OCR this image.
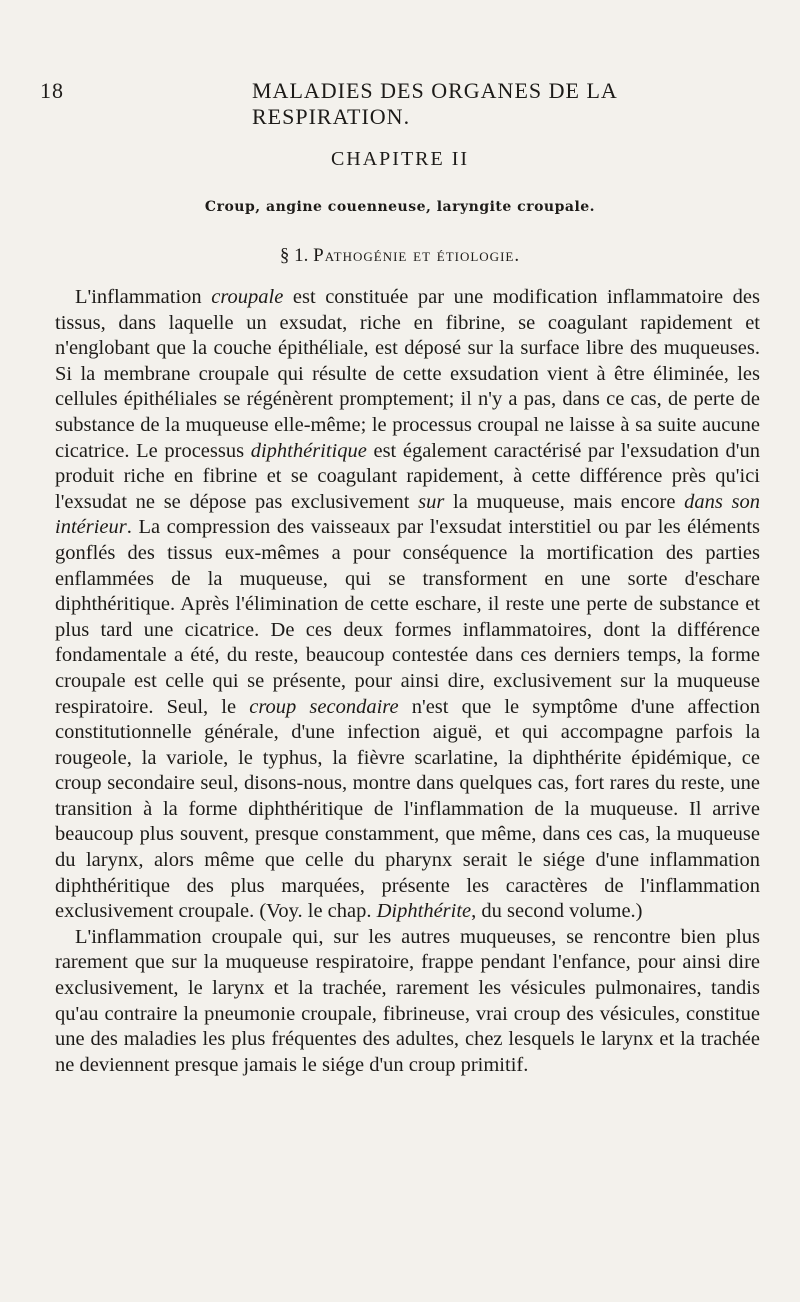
18	MALADIES DES ORGANES DE LA RESPIRATION.
CHAPITRE II
Croup, angine couenneuse, laryngite croupale.
§ 1. Pathogénie et étiologie.

L'inflammation croupale est constituée par une modification inflammatoire des tissus, dans laquelle un exsudat, riche en fibrine, se coagulant rapidement et n'englobant que la couche épithéliale, est déposé sur la surface libre des muqueuses. Si la membrane croupale qui résulte de cette exsudation vient à être éliminée, les cellules épithéliales se régénèrent promptement; il n'y a pas, dans ce cas, de perte de substance de la muqueuse elle-même; le processus croupal ne laisse à sa suite aucune cicatrice. Le processus diphthéritique est également caractérisé par l'exsudation d'un produit riche en fibrine et se coagulant rapidement, à cette différence près qu'ici l'exsudat ne se dépose pas exclusivement sur la muqueuse, mais encore dans son intérieur. La compression des vaisseaux par l'exsudat interstitiel ou par les éléments gonflés des tissus eux-mêmes a pour conséquence la mortification des parties enflammées de la muqueuse, qui se transforment en une sorte d'eschare diphthéritique. Après l'élimination de cette eschare, il reste une perte de substance et plus tard une cicatrice. De ces deux formes inflammatoires, dont la différence fondamentale a été, du reste, beaucoup contestée dans ces derniers temps, la forme croupale est celle qui se présente, pour ainsi dire, exclusivement sur la muqueuse respiratoire. Seul, le croup secondaire n'est que le symptôme d'une affection constitutionnelle générale, d'une infection aiguë, et qui accompagne parfois la rougeole, la variole, le typhus, la fièvre scarlatine, la diphthérite épidémique, ce croup secondaire seul, disons-nous, montre dans quelques cas, fort rares du reste, une transition à la forme diphthéritique de l'inflammation de la muqueuse. Il arrive beaucoup plus souvent, presque constamment, que même, dans ces cas, la muqueuse du larynx, alors même que celle du pharynx serait le siége d'une inflammation diphthéritique des plus marquées, présente les caractères de l'inflammation exclusivement croupale. (Voy. le chap. Diphthérite, du second volume.)

L'inflammation croupale qui, sur les autres muqueuses, se rencontre bien plus rarement que sur la muqueuse respiratoire, frappe pendant l'enfance, pour ainsi dire exclusivement, le larynx et la trachée, rarement les vésicules pulmonaires, tandis qu'au contraire la pneumonie croupale, fibrineuse, vrai croup des vésicules, constitue une des maladies les plus fréquentes des adultes, chez lesquels le larynx et la trachée ne deviennent presque jamais le siége d'un croup primitif.
